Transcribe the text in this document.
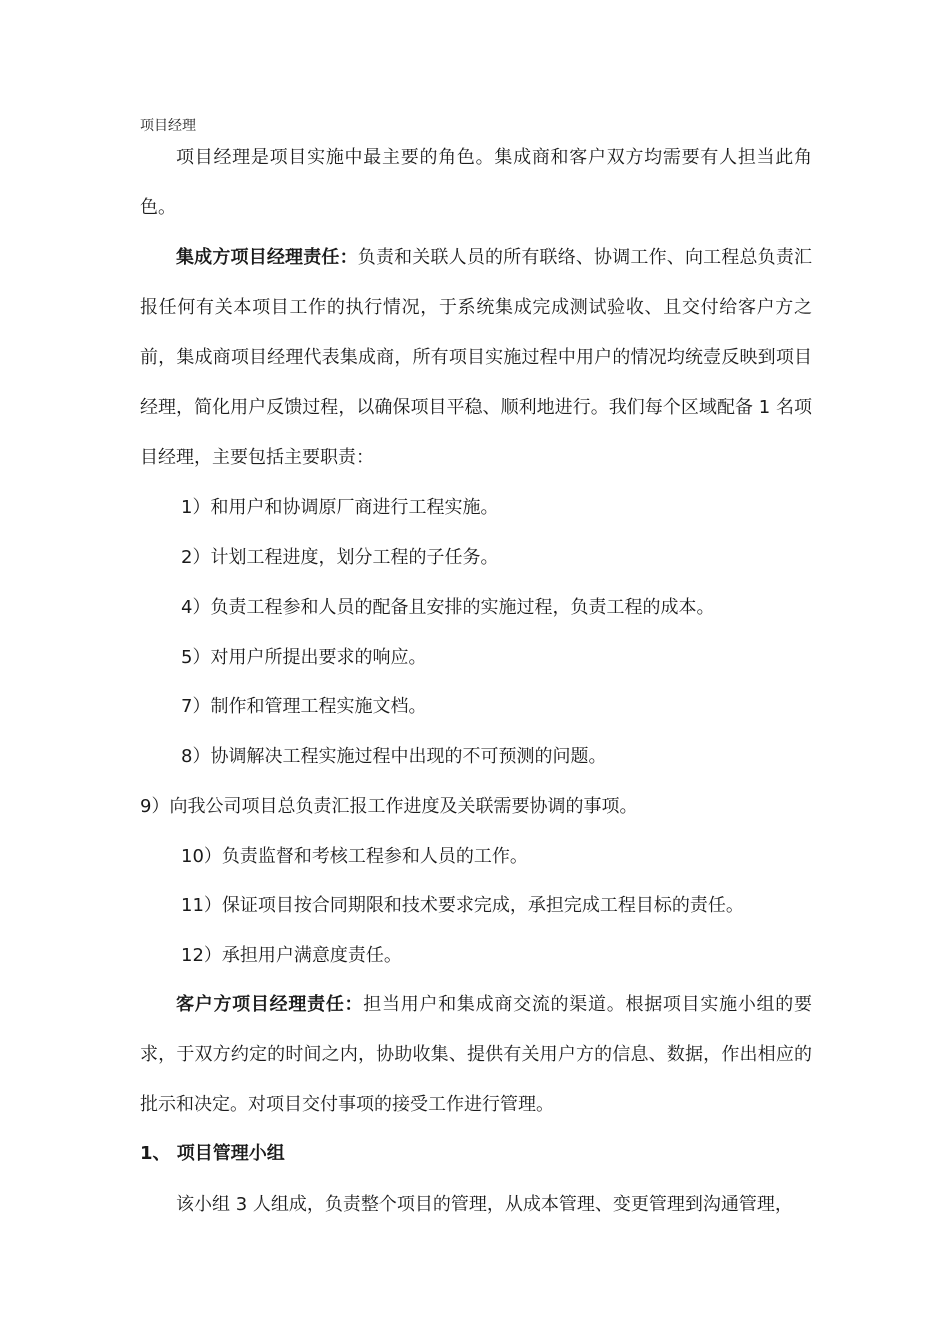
项目经理

项目经理是项目实施中最主要的角色。集成商和客户双方均需要有人担当此角色。

集成方项目经理责任：负责和关联人员的所有联络、协调工作、向工程总负责汇报任何有关本项目工作的执行情况，于系统集成完成测试验收、且交付给客户方之前，集成商项目经理代表集成商，所有项目实施过程中用户的情况均统壹反映到项目经理，简化用户反馈过程，以确保项目平稳、顺利地进行。我们每个区域配备 1 名项目经理，主要包括主要职责：

1）和用户和协调原厂商进行工程实施。
2）计划工程进度，划分工程的子任务。
4）负责工程参和人员的配备且安排的实施过程，负责工程的成本。
5）对用户所提出要求的响应。
7）制作和管理工程实施文档。
8）协调解决工程实施过程中出现的不可预测的问题。
9）向我公司项目总负责汇报工作进度及关联需要协调的事项。
10）负责监督和考核工程参和人员的工作。
11）保证项目按合同期限和技术要求完成，承担完成工程目标的责任。
12）承担用户满意度责任。

客户方项目经理责任：担当用户和集成商交流的渠道。根据项目实施小组的要求，于双方约定的时间之内，协助收集、提供有关用户方的信息、数据，作出相应的批示和决定。对项目交付事项的接受工作进行管理。

1、 项目管理小组

该小组 3 人组成，负责整个项目的管理，从成本管理、变更管理到沟通管理，
